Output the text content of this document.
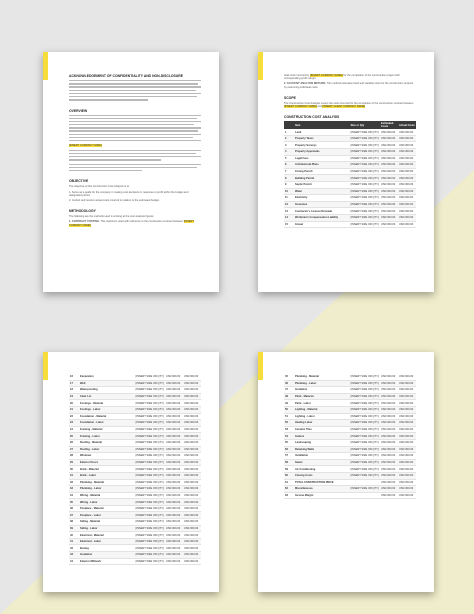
ACKNOWLEDGEMENT OF CONFIDENTIALITY AND NON-DISCLOSURE
OVERVIEW
[INSERT COMPANY NAME]
OBJECTIVE
The objective of this Construction Cost Analysis is to:
1. Serve as a guide for the company in making cost decisions in response to profit within the budget and designated period.
2. Control and monitor actual costs incurred in relation to the estimated budget.
METHODOLOGY
The following are the methods used in arriving at the cost analysis figures:
1. CONTRACT COSTING. This method is used with reference to the construction contract between [INSERT COMPANY NAME]
total costs incurred by [INSERT COMPANY NAME] for the completion of the construction project with corresponding profit margin.
2. ACCOUNT ANALYSIS METHOD. This method estimates fixed and variable costs for the construction projects by examining individual costs.
SCOPE
The Construction Cost Analysis covers the costs incurred for the completion of the construction contract between [INSERT COMPANY NAME] and [INSERT CLIENT COMPANY NAME]
CONSTRUCTION COST ANALYSIS
	Item	Size or Qty	Estimated Costs	Actual Costs
1	Land	[INSERT SIZE OR QTY.]	USD 000.00	USD 000.00
2	Property Taxes	[INSERT SIZE OR QTY.]	USD 000.00	USD 000.00
3	Property Surveys	[INSERT SIZE OR QTY.]	USD 000.00	USD 000.00
4	Property Appraisals	[INSERT SIZE OR QTY.]	USD 000.00	USD 000.00
5	Legal Fees	[INSERT SIZE OR QTY.]	USD 000.00	USD 000.00
6	Architectural Plans	[INSERT SIZE OR QTY.]	USD 000.00	USD 000.00
7	Zoning Permit	[INSERT SIZE OR QTY.]	USD 000.00	USD 000.00
8	Building Permit	[INSERT SIZE OR QTY.]	USD 000.00	USD 000.00
9	Septic Permit	[INSERT SIZE OR QTY.]	USD 000.00	USD 000.00
10	Water	[INSERT SIZE OR QTY.]	USD 000.00	USD 000.00
11	Electricity	[INSERT SIZE OR QTY.]	USD 000.00	USD 000.00
12	Insurance	[INSERT SIZE OR QTY.]	USD 000.00	USD 000.00
13	Contractor's License Renewal	[INSERT SIZE OR QTY.]	USD 000.00	USD 000.00
14	Workman's Compensation Liability	[INSERT SIZE OR QTY.]	USD 000.00	USD 000.00
15	Gravel	[INSERT SIZE OR QTY.]	USD 000.00	USD 000.00
16	Excavation	[INSERT SIZE OR QTY.]	USD 000.00	USD 000.00
17	Well	[INSERT SIZE OR QTY.]	USD 000.00	USD 000.00
18	Waterproofing	[INSERT SIZE OR QTY.]	USD 000.00	USD 000.00
19	Clear Lot	[INSERT SIZE OR QTY.]	USD 000.00	USD 000.00
20	Footings - Material	[INSERT SIZE OR QTY.]	USD 000.00	USD 000.00
21	Footings - Labor	[INSERT SIZE OR QTY.]	USD 000.00	USD 000.00
22	Foundation - Material	[INSERT SIZE OR QTY.]	USD 000.00	USD 000.00
23	Foundation - Labor	[INSERT SIZE OR QTY.]	USD 000.00	USD 000.00
24	Framing - Material	[INSERT SIZE OR QTY.]	USD 000.00	USD 000.00
25	Framing - Labor	[INSERT SIZE OR QTY.]	USD 000.00	USD 000.00
26	Roofing - Material	[INSERT SIZE OR QTY.]	USD 000.00	USD 000.00
27	Roofing - Labor	[INSERT SIZE OR QTY.]	USD 000.00	USD 000.00
28	Windows	[INSERT SIZE OR QTY.]	USD 000.00	USD 000.00
29	Exterior Doors	[INSERT SIZE OR QTY.]	USD 000.00	USD 000.00
30	Brick - Material	[INSERT SIZE OR QTY.]	USD 000.00	USD 000.00
31	Brick - Labor	[INSERT SIZE OR QTY.]	USD 000.00	USD 000.00
32	Plumbing - Material	[INSERT SIZE OR QTY.]	USD 000.00	USD 000.00
33	Plumbing - Labor	[INSERT SIZE OR QTY.]	USD 000.00	USD 000.00
34	Wiring - Material	[INSERT SIZE OR QTY.]	USD 000.00	USD 000.00
35	Wiring - Labor	[INSERT SIZE OR QTY.]	USD 000.00	USD 000.00
36	Fireplace - Material	[INSERT SIZE OR QTY.]	USD 000.00	USD 000.00
37	Fireplace - Labor	[INSERT SIZE OR QTY.]	USD 000.00	USD 000.00
38	Siding - Material	[INSERT SIZE OR QTY.]	USD 000.00	USD 000.00
39	Siding - Labor	[INSERT SIZE OR QTY.]	USD 000.00	USD 000.00
40	Electrical - Material	[INSERT SIZE OR QTY.]	USD 000.00	USD 000.00
41	Electrical - Labor	[INSERT SIZE OR QTY.]	USD 000.00	USD 000.00
42	Boxing	[INSERT SIZE OR QTY.]	USD 000.00	USD 000.00
43	Insulation	[INSERT SIZE OR QTY.]	USD 000.00	USD 000.00
44	Exterior Millwork	[INSERT SIZE OR QTY.]	USD 000.00	USD 000.00
45	Plumbing - Material	[INSERT SIZE OR QTY.]	USD 000.00	USD 000.00
46	Plumbing - Labor	[INSERT SIZE OR QTY.]	USD 000.00	USD 000.00
47	Insulation	[INSERT SIZE OR QTY.]	USD 000.00	USD 000.00
48	Paint - Material	[INSERT SIZE OR QTY.]	USD 000.00	USD 000.00
49	Paint - Labor	[INSERT SIZE OR QTY.]	USD 000.00	USD 000.00
50	Lighting - Material	[INSERT SIZE OR QTY.]	USD 000.00	USD 000.00
51	Lighting - Labor	[INSERT SIZE OR QTY.]	USD 000.00	USD 000.00
52	Heating Labor	[INSERT SIZE OR QTY.]	USD 000.00	USD 000.00
53	Ceramic Tiles	[INSERT SIZE OR QTY.]	USD 000.00	USD 000.00
54	Gutters	[INSERT SIZE OR QTY.]	USD 000.00	USD 000.00
55	Landscaping	[INSERT SIZE OR QTY.]	USD 000.00	USD 000.00
56	Retaining Walls	[INSERT SIZE OR QTY.]	USD 000.00	USD 000.00
57	Ventilation	[INSERT SIZE OR QTY.]	USD 000.00	USD 000.00
58	Sewer	[INSERT SIZE OR QTY.]	USD 000.00	USD 000.00
59	Air Conditioning	[INSERT SIZE OR QTY.]	USD 000.00	USD 000.00
60	Closing Costs	[INSERT SIZE OR QTY.]	USD 000.00	USD 000.00
61	TOTAL CONSTRUCTION PRICE		USD 000.00	USD 000.00
62	Miscellaneous	[INSERT SIZE OR QTY.]	USD 000.00	USD 000.00
63	Income Margin		USD 000.00	USD 000.00
